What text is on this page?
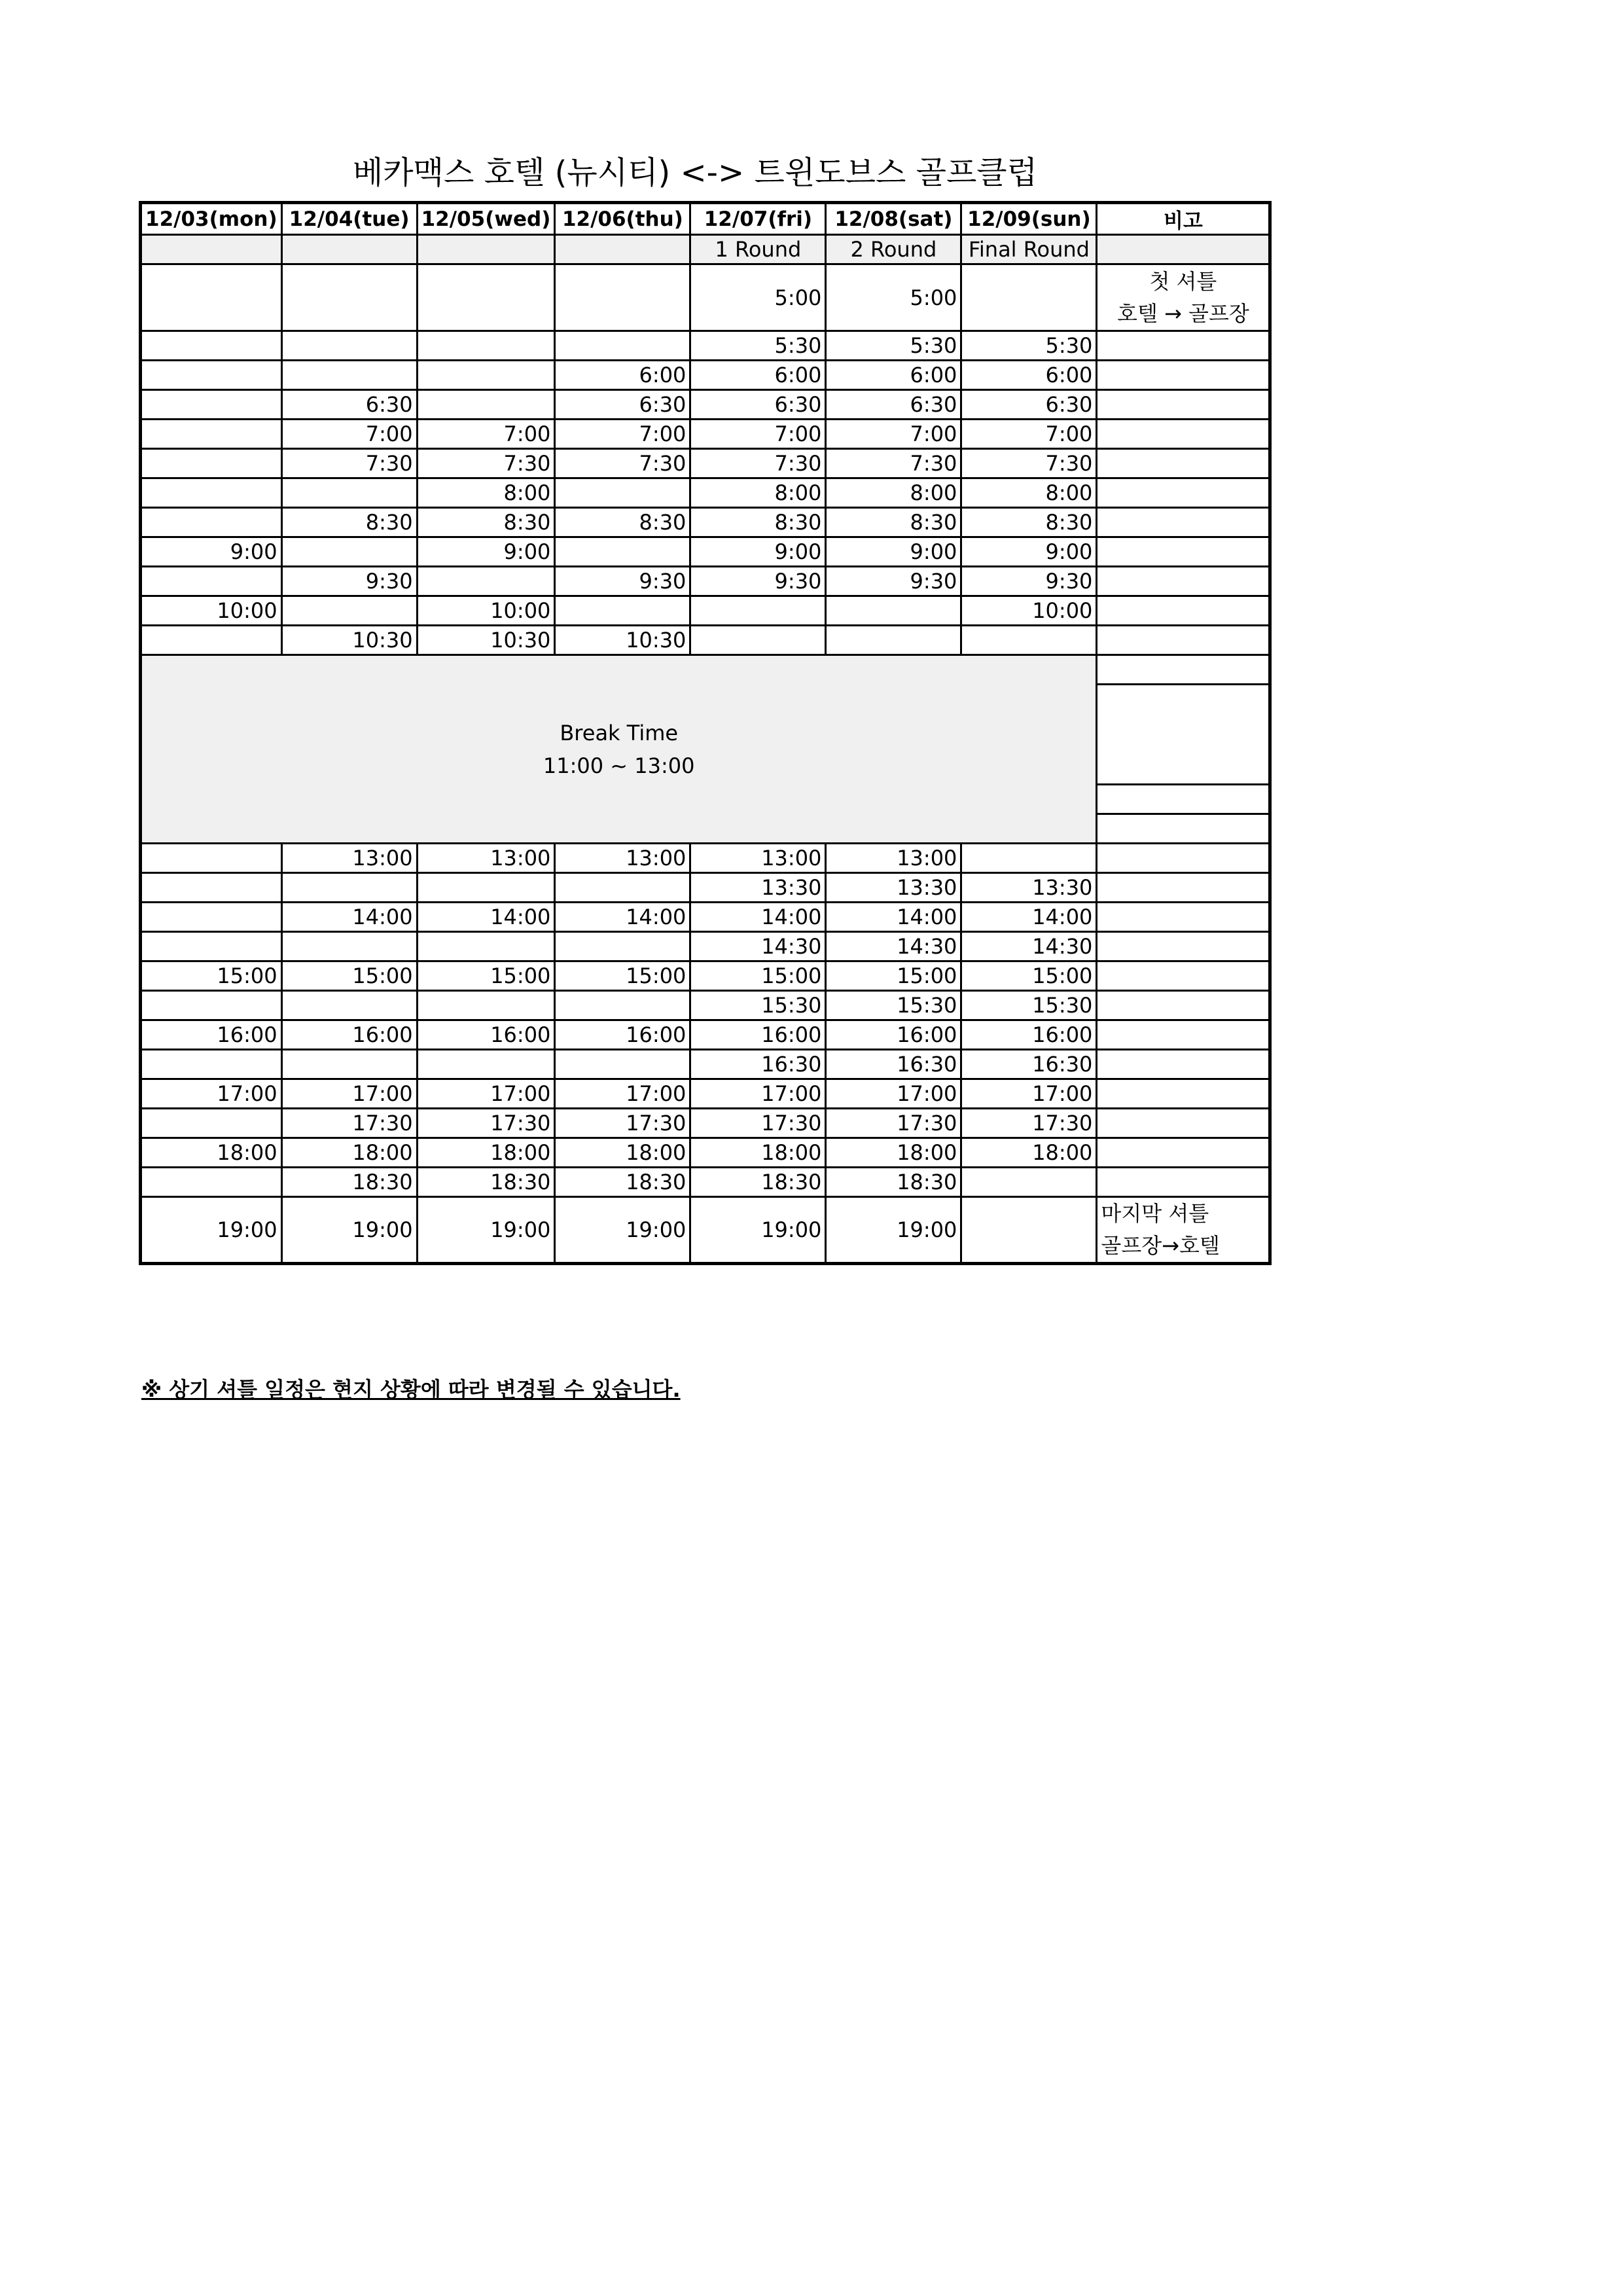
베카맥스 호텔 (뉴시티) <-> 트윈도브스 골프클럽
12/03(mon)	12/04(tue)	12/05(wed)	12/06(thu)	12/07(fri)	12/08(sat)	12/09(sun)	비고
				1 Round	2 Round	Final Round	
				5:00	5:00		첫 셔틀
호텔 → 골프장

				5:30	5:30	5:30	
			6:00	6:00	6:00	6:00	
	6:30		6:30	6:30	6:30	6:30	
	7:00	7:00	7:00	7:00	7:00	7:00	
	7:30	7:30	7:30	7:30	7:30	7:30	
		8:00		8:00	8:00	8:00	
	8:30	8:30	8:30	8:30	8:30	8:30	
9:00		9:00		9:00	9:00	9:00	
	9:30		9:30	9:30	9:30	9:30	
10:00		10:00				10:00	
	10:30	10:30	10:30				

Break Time
11:00 ~ 13:00							

	13:00	13:00	13:00	13:00	13:00		
				13:30	13:30	13:30	
	14:00	14:00	14:00	14:00	14:00	14:00	
				14:30	14:30	14:30	
15:00	15:00	15:00	15:00	15:00	15:00	15:00	
				15:30	15:30	15:30	
16:00	16:00	16:00	16:00	16:00	16:00	16:00	
				16:30	16:30	16:30	
17:00	17:00	17:00	17:00	17:00	17:00	17:00	
	17:30	17:30	17:30	17:30	17:30	17:30	
18:00	18:00	18:00	18:00	18:00	18:00	18:00	
	18:30	18:30	18:30	18:30	18:30		
19:00	19:00	19:00	19:00	19:00	19:00		마지막 셔틀
골프장→호텔
※ 상기 셔틀 일정은 현지 상황에 따라 변경될 수 있습니다.
